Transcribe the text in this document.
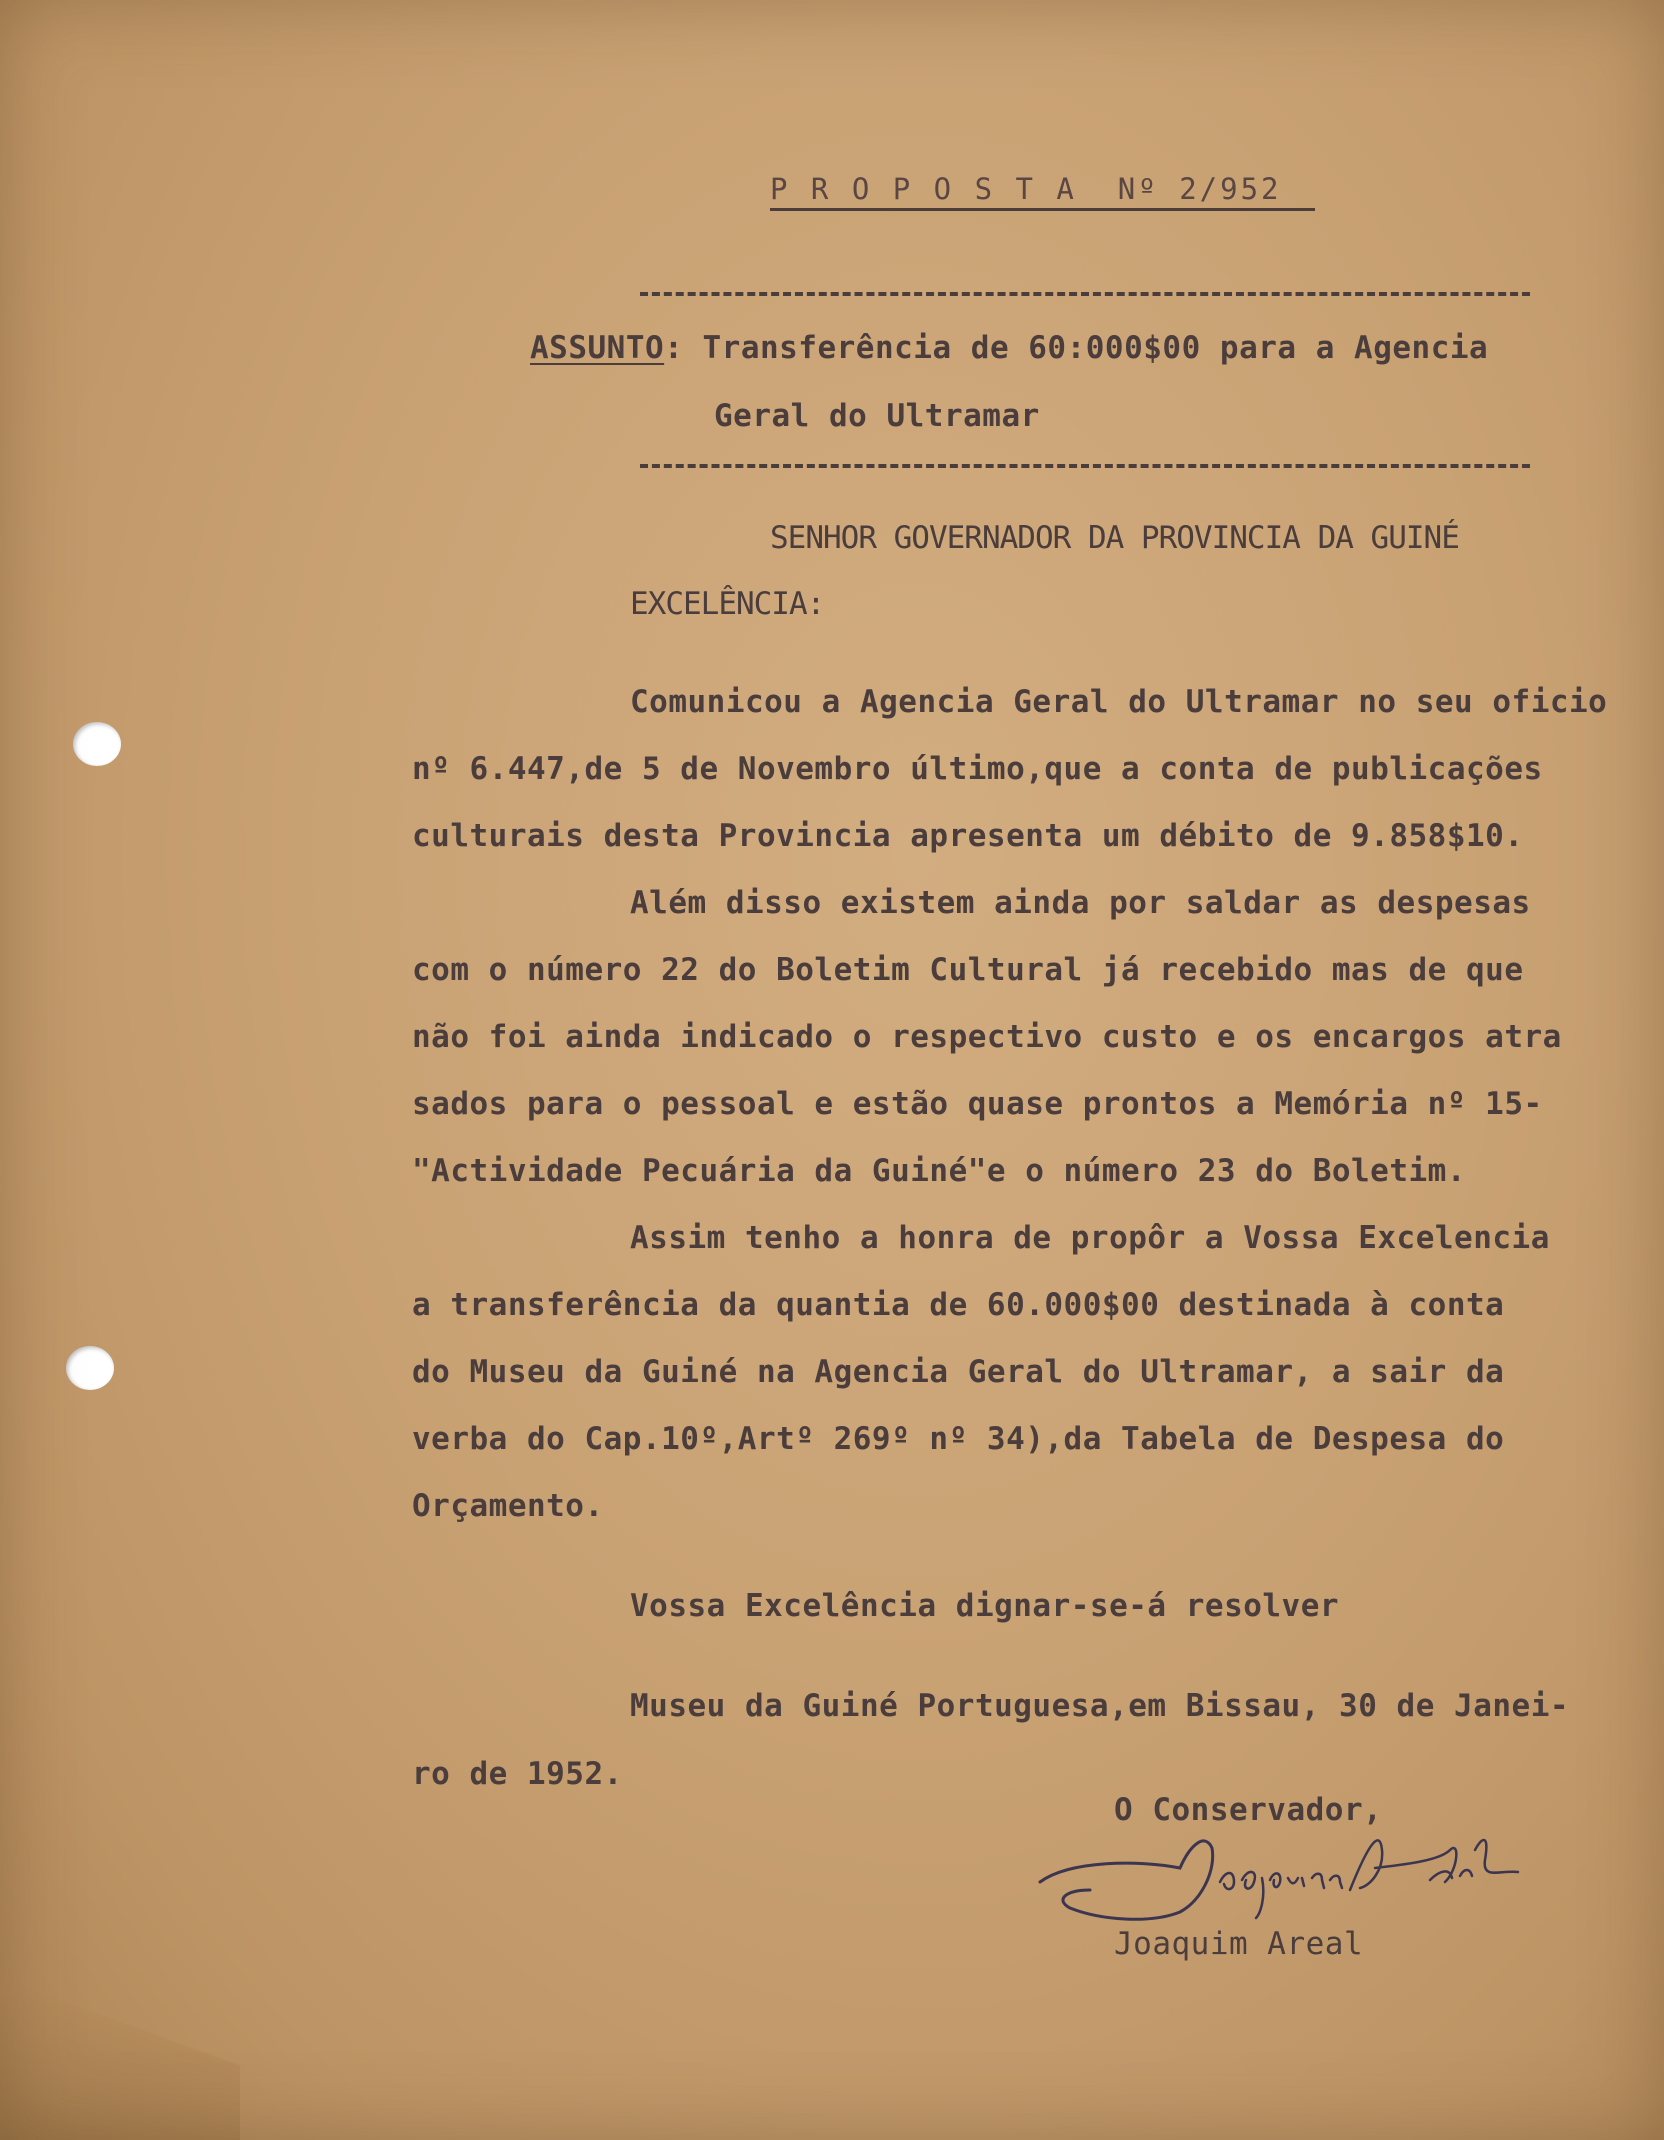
P R O P O S T A  Nº 2/952
ASSUNTO: Transferência de 60:000$00 para a Agencia
Geral do Ultramar
SENHOR GOVERNADOR DA PROVINCIA DA GUINÉ
EXCELÊNCIA:
Comunicou a Agencia Geral do Ultramar no seu oficio
nº 6.447,de 5 de Novembro último,que a conta de publicações
culturais desta Provincia apresenta um débito de 9.858$10.
Além disso existem ainda por saldar as despesas
com o número 22 do Boletim Cultural já recebido mas de que
não foi ainda indicado o respectivo custo e os encargos atra
sados para o pessoal e estão quase prontos a Memória nº 15-
"Actividade Pecuária da Guiné"e o número 23 do Boletim.
Assim tenho a honra de propôr a Vossa Excelencia
a transferência da quantia de 60.000$00 destinada à conta
do Museu da Guiné na Agencia Geral do Ultramar, a sair da
verba do Cap.10º,Artº 269º nº 34),da Tabela de Despesa do
Orçamento.
Vossa Excelência dignar-se-á resolver
Museu da Guiné Portuguesa,em Bissau, 30 de Janei-
ro de 1952.
O Conservador,
Joaquim Areal
